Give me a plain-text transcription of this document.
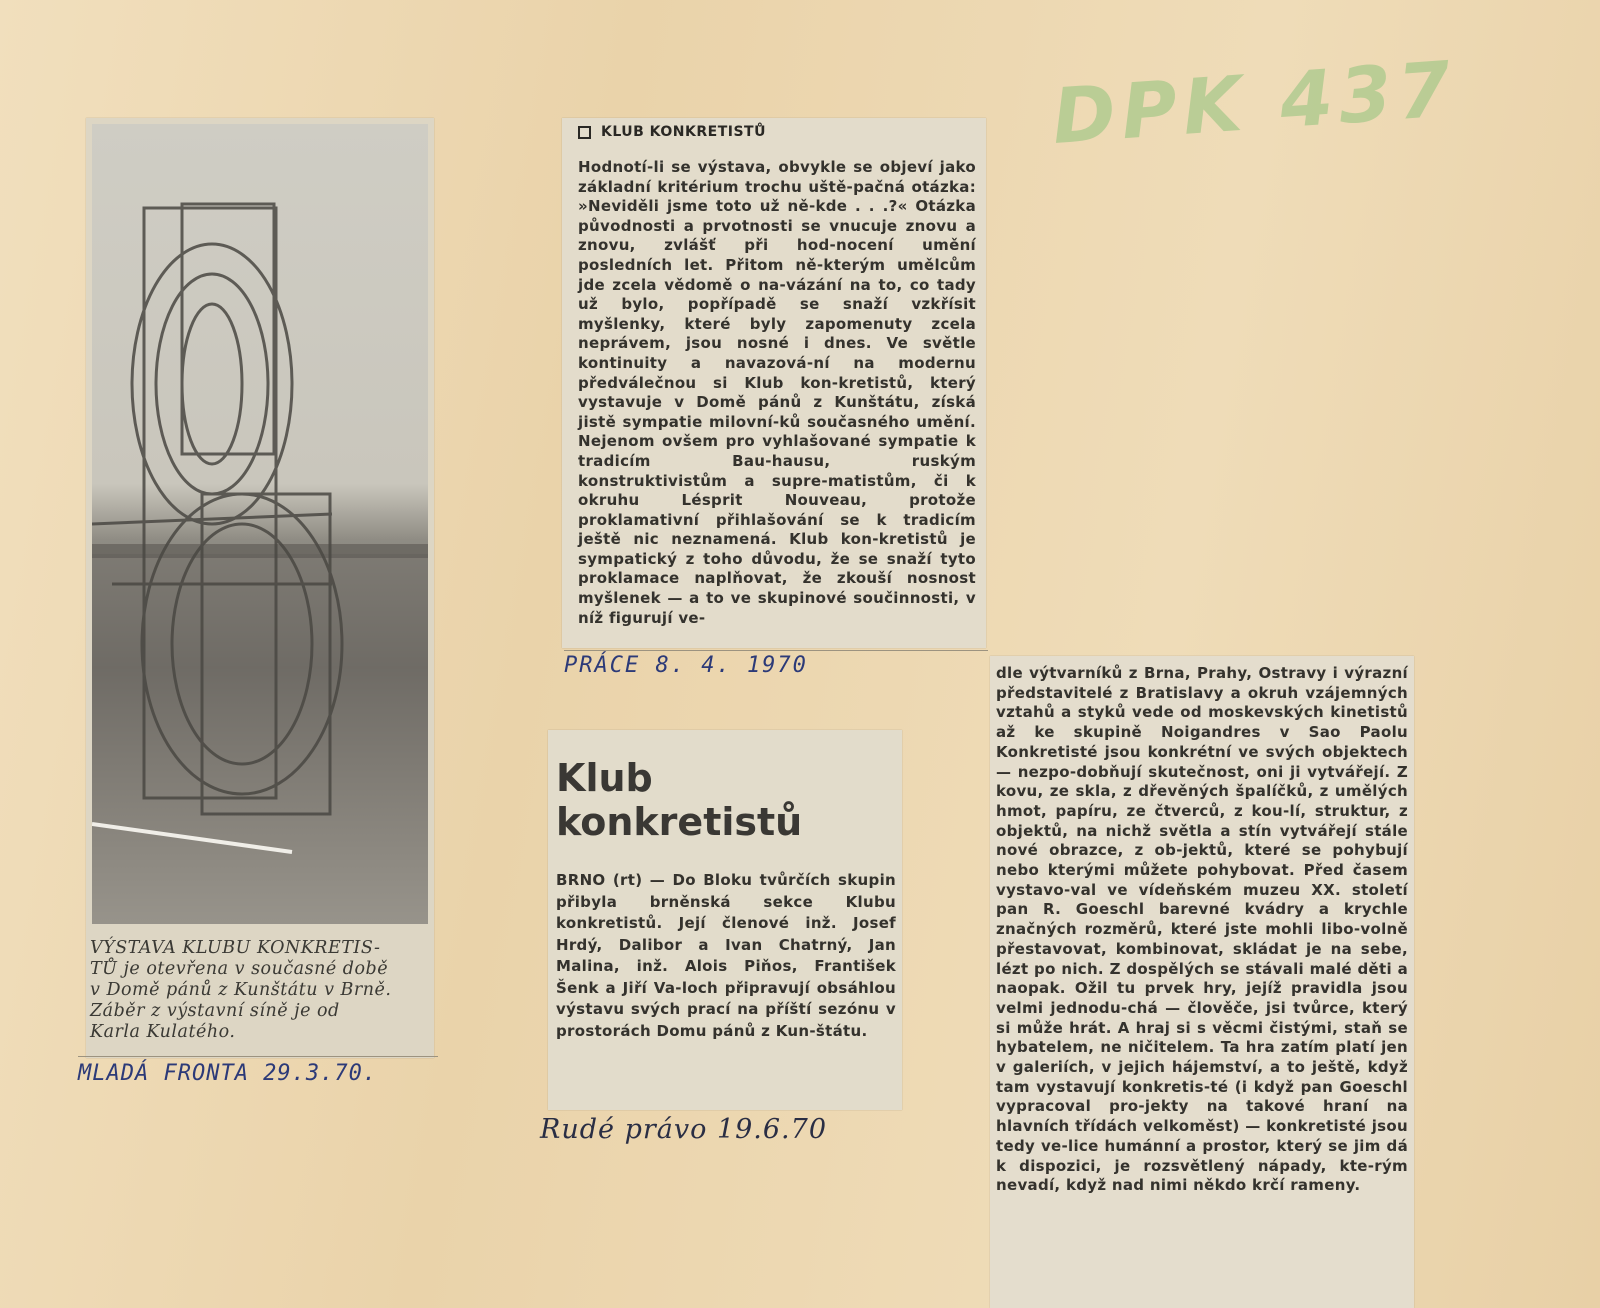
DPK 437
VÝSTAVA KLUBU KONKRETIS-
TŮ je otevřena v současné době
v Domě pánů z Kunštátu v Brně.
Záběr z výstavní síně je od
Karla Kulatého.
MLADÁ FRONTA 29.3.70.
KLUB KONKRETISTŮ
Hodnotí-li se výstava, obvykle se objeví jako základní kritérium trochu uště-pačná otázka: »Neviděli jsme toto už ně-kde . . .?« Otázka původnosti a prvotnosti se vnucuje znovu a znovu, zvlášť při hod-nocení umění posledních let. Přitom ně-kterým umělcům jde zcela vědomě o na-vázání na to, co tady už bylo, popřípadě se snaží vzkřísit myšlenky, které byly zapomenuty zcela neprávem, jsou nosné i dnes. Ve světle kontinuity a navazová-ní na modernu předválečnou si Klub kon-kretistů, který vystavuje v Domě pánů z Kunštátu, získá jistě sympatie milovní-ků současného umění. Nejenom ovšem pro vyhlašované sympatie k tradicím Bau-hausu, ruským konstruktivistům a supre-matistům, či k okruhu Lésprit Nouveau, protože proklamativní přihlašování se k tradicím ještě nic neznamená. Klub kon-kretistů je sympatický z toho důvodu, že se snaží tyto proklamace naplňovat, že zkouší nosnost myšlenek — a to ve skupinové součinnosti, v níž figurují ve-
PRÁCE 8. 4. 1970	dle výtvarníků z Brna, Prahy, Ostravy i výrazní představitelé z Bratislavy a okruh vzájemných vztahů a styků vede od moskevských kinetistů až ke skupině Noigandres v Sao Paolu Konkretisté jsou konkrétní ve svých objektech — nezpo-dobňují skutečnost, oni ji vytvářejí. Z kovu, ze skla, z dřevěných špalíčků, z umělých hmot, papíru, ze čtverců, z kou-lí, struktur, z objektů, na nichž světla a stín vytvářejí stále nové obrazce, z ob-jektů, které se pohybují nebo kterými můžete pohybovat. Před časem vystavo-val ve vídeňském muzeu XX. století pan R. Goeschl barevné kvádry a krychle značných rozměrů, které jste mohli libo-volně přestavovat, kombinovat, skládat je na sebe, lézt po nich. Z dospělých se stávali malé děti a naopak. Ožil tu prvek hry, jejíž pravidla jsou velmi jednodu-chá — člověče, jsi tvůrce, který si může hrát. A hraj si s věcmi čistými, staň se hybatelem, ne ničitelem. Ta hra zatím platí jen v galeriích, v jejich hájemství, a to ještě, když tam vystavují konkretis-té (i když pan Goeschl vypracoval pro-jekty na takové hraní na hlavních třídách velkoměst) — konkretisté jsou tedy ve-lice humánní a prostor, který se jim dá k dispozici, je rozsvětlený nápady, kte-rým nevadí, když nad nimi někdo krčí rameny.
Klub
konkretistů
BRNO (rt) — Do Bloku tvůrčích skupin přibyla brněnská sekce Klubu konkretistů. Její členové inž. Josef Hrdý, Dalibor a Ivan Chatrný, Jan Malina, inž. Alois Piňos, František Šenk a Jiří Va-loch připravují obsáhlou výstavu svých prací na příští sezónu v prostorách Domu pánů z Kun-štátu.
Rudé právo 19.6.70
